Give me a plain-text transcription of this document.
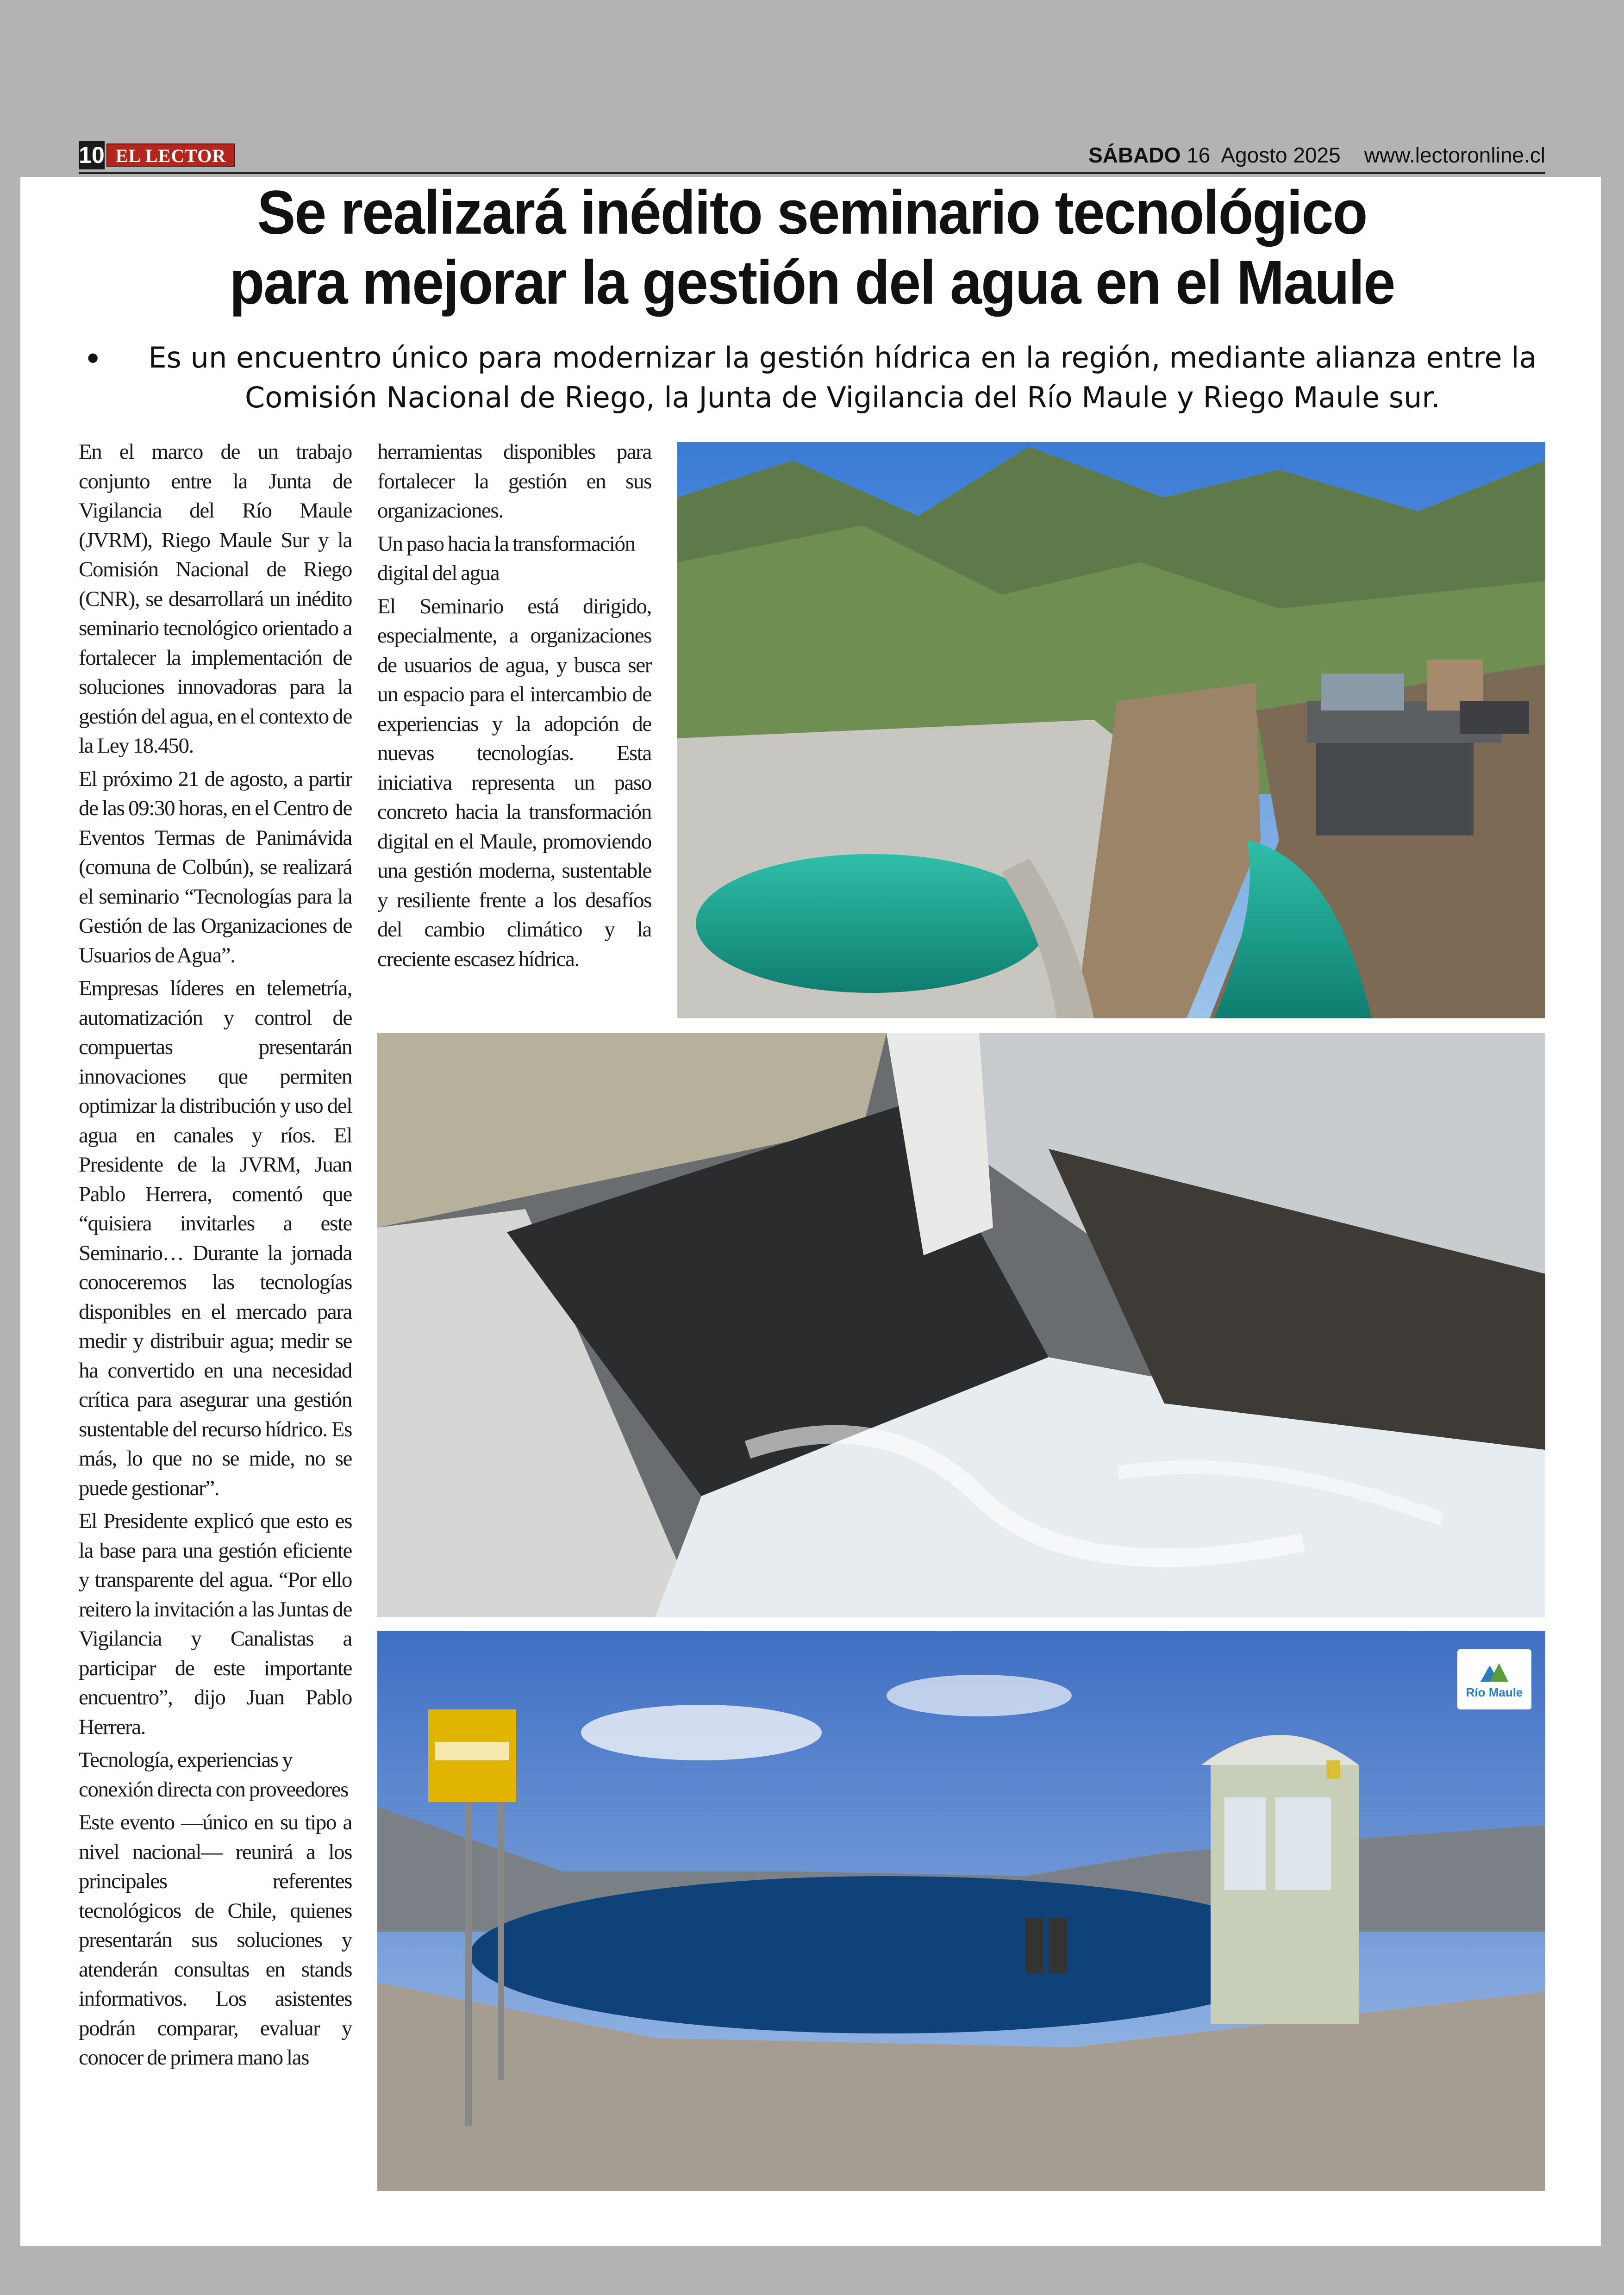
10 EL LECTOR	SÁBADO 16  Agosto 2025 www.lectoronline.cl
Se realizará inédito seminario tecnológico
para mejorar la gestión del agua en el Maule
•	Es un encuentro único para modernizar la gestión hídrica en la región, mediante alianza entre la Comisión Nacional de Riego, la Junta de Vigilancia del Río Maule y Riego Maule sur.

En el marco de un trabajo conjunto entre la Junta de Vigilancia del Río Maule (JVRM), Riego Maule Sur y la Comisión Nacional de Riego (CNR), se desarrollará un inédito seminario tecnológico orientado a fortalecer la implementación de soluciones innovadoras para la gestión del agua, en el contexto de la Ley 18.450.

El próximo 21 de agosto, a partir de las 09:30 horas, en el Centro de Eventos Termas de Panimávida (comuna de Colbún), se realizará el seminario “Tecnologías para la Gestión de las Organizaciones de Usuarios de Agua”.

Empresas líderes en telemetría, automatización y control de compuertas presentarán innovaciones que permiten optimizar la distribución y uso del agua en canales y ríos. El Presidente de la JVRM, Juan Pablo Herrera, comentó que “quisiera invitarles a este Seminario… Durante la jornada conoceremos las tecnologías disponibles en el mercado para medir y distribuir agua; medir se ha convertido en una necesidad crítica para asegurar una gestión sustentable del recurso hídrico. Es más, lo que no se mide, no se puede gestionar”.

El Presidente explicó que esto es la base para una gestión eficiente y transparente del agua. “Por ello reitero la invitación a las Juntas de Vigilancia y Canalistas a participar de este importante encuentro”, dijo Juan Pablo Herrera.

Tecnología, experiencias y conexión directa con proveedores

Este evento —único en su tipo a nivel nacional— reunirá a los principales referentes tecnológicos de Chile, quienes presentarán sus soluciones y atenderán consultas en stands informativos. Los asistentes podrán comparar, evaluar y conocer de primera mano las

herramientas disponibles para fortalecer la gestión en sus organizaciones.

Un paso hacia la transformación digital del agua

El Seminario está dirigido, especialmente, a organizaciones de usuarios de agua, y busca ser un espacio para el intercambio de experiencias y la adopción de nuevas tecnologías. Esta iniciativa representa un paso concreto hacia la transformación digital en el Maule, promoviendo una gestión moderna, sustentable y resiliente frente a los desafíos del cambio climático y la creciente escasez hídrica.

Río Maule
